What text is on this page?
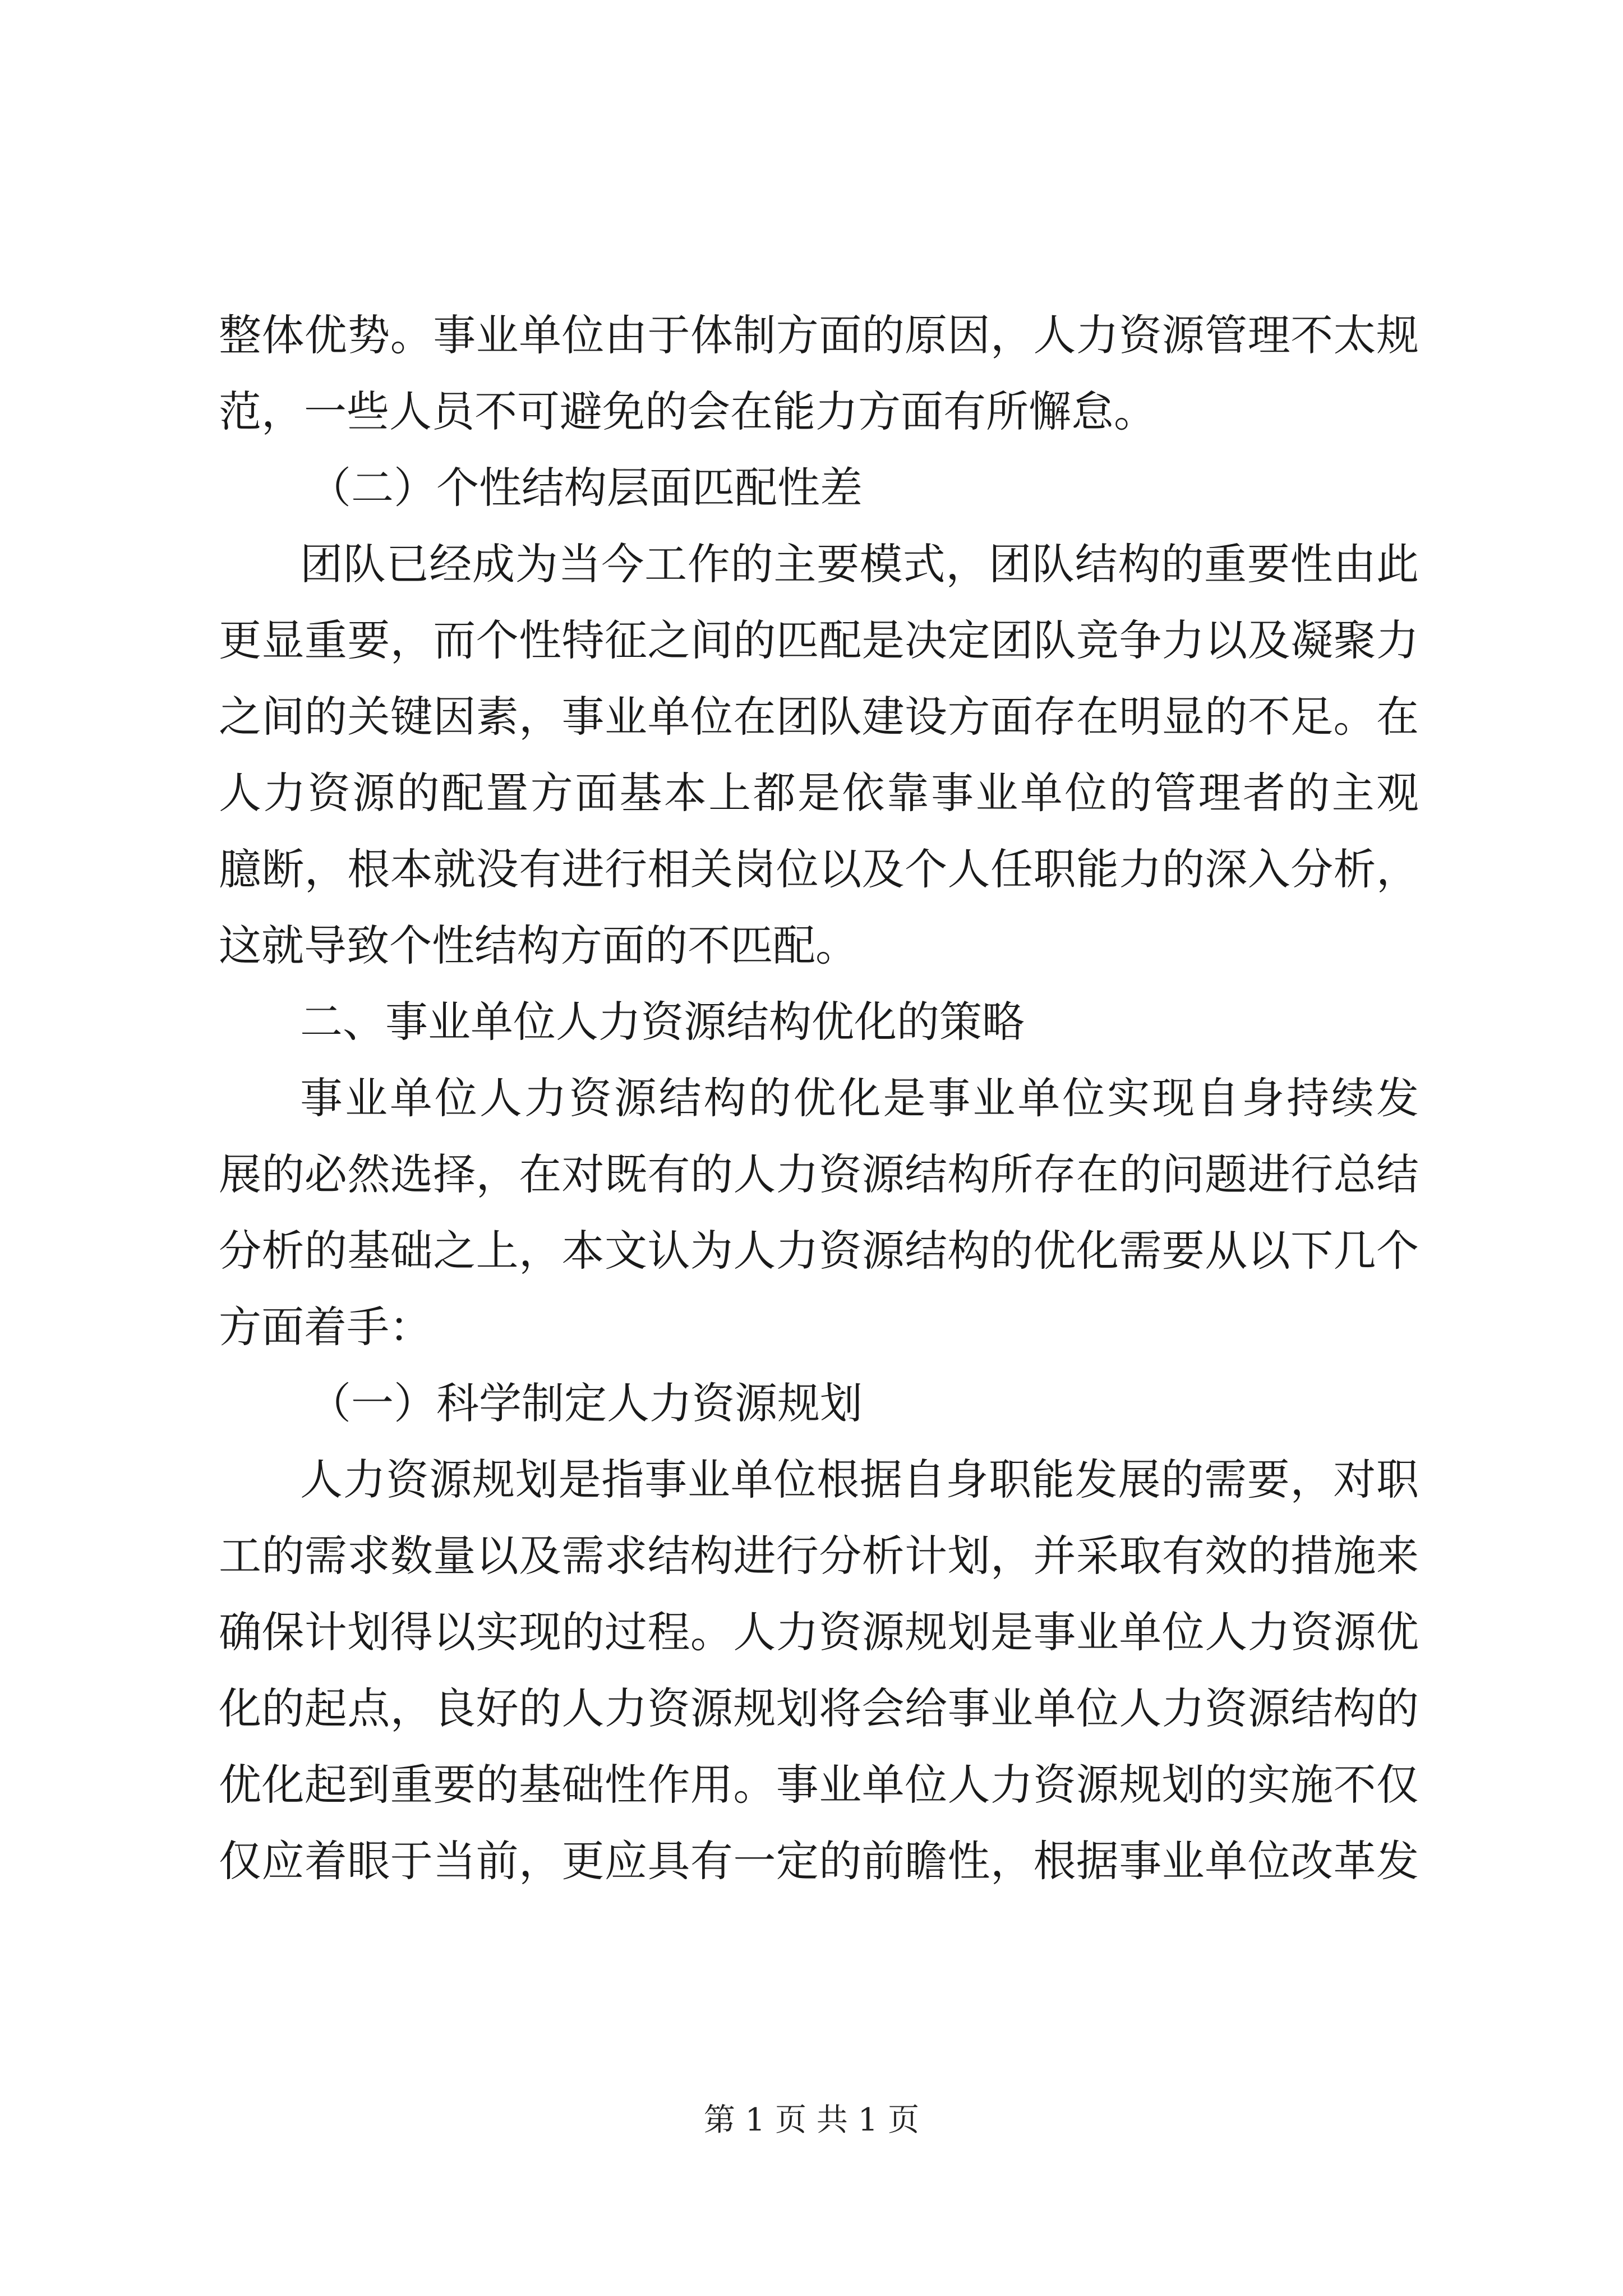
整体优势。事业单位由于体制方面的原因，人力资源管理不太规
范，一些人员不可避免的会在能力方面有所懈怠。
（二）个性结构层面匹配性差
团队已经成为当今工作的主要模式，团队结构的重要性由此
更显重要，而个性特征之间的匹配是决定团队竞争力以及凝聚力
之间的关键因素，事业单位在团队建设方面存在明显的不足。在
人力资源的配置方面基本上都是依靠事业单位的管理者的主观
臆断，根本就没有进行相关岗位以及个人任职能力的深入分析，
这就导致个性结构方面的不匹配。
二、事业单位人力资源结构优化的策略
事业单位人力资源结构的优化是事业单位实现自身持续发
展的必然选择，在对既有的人力资源结构所存在的问题进行总结
分析的基础之上，本文认为人力资源结构的优化需要从以下几个
方面着手：
（一）科学制定人力资源规划
人力资源规划是指事业单位根据自身职能发展的需要，对职
工的需求数量以及需求结构进行分析计划，并采取有效的措施来
确保计划得以实现的过程。人力资源规划是事业单位人力资源优
化的起点，良好的人力资源规划将会给事业单位人力资源结构的
优化起到重要的基础性作用。事业单位人力资源规划的实施不仅
仅应着眼于当前，更应具有一定的前瞻性，根据事业单位改革发
第 1 页 共 1 页
